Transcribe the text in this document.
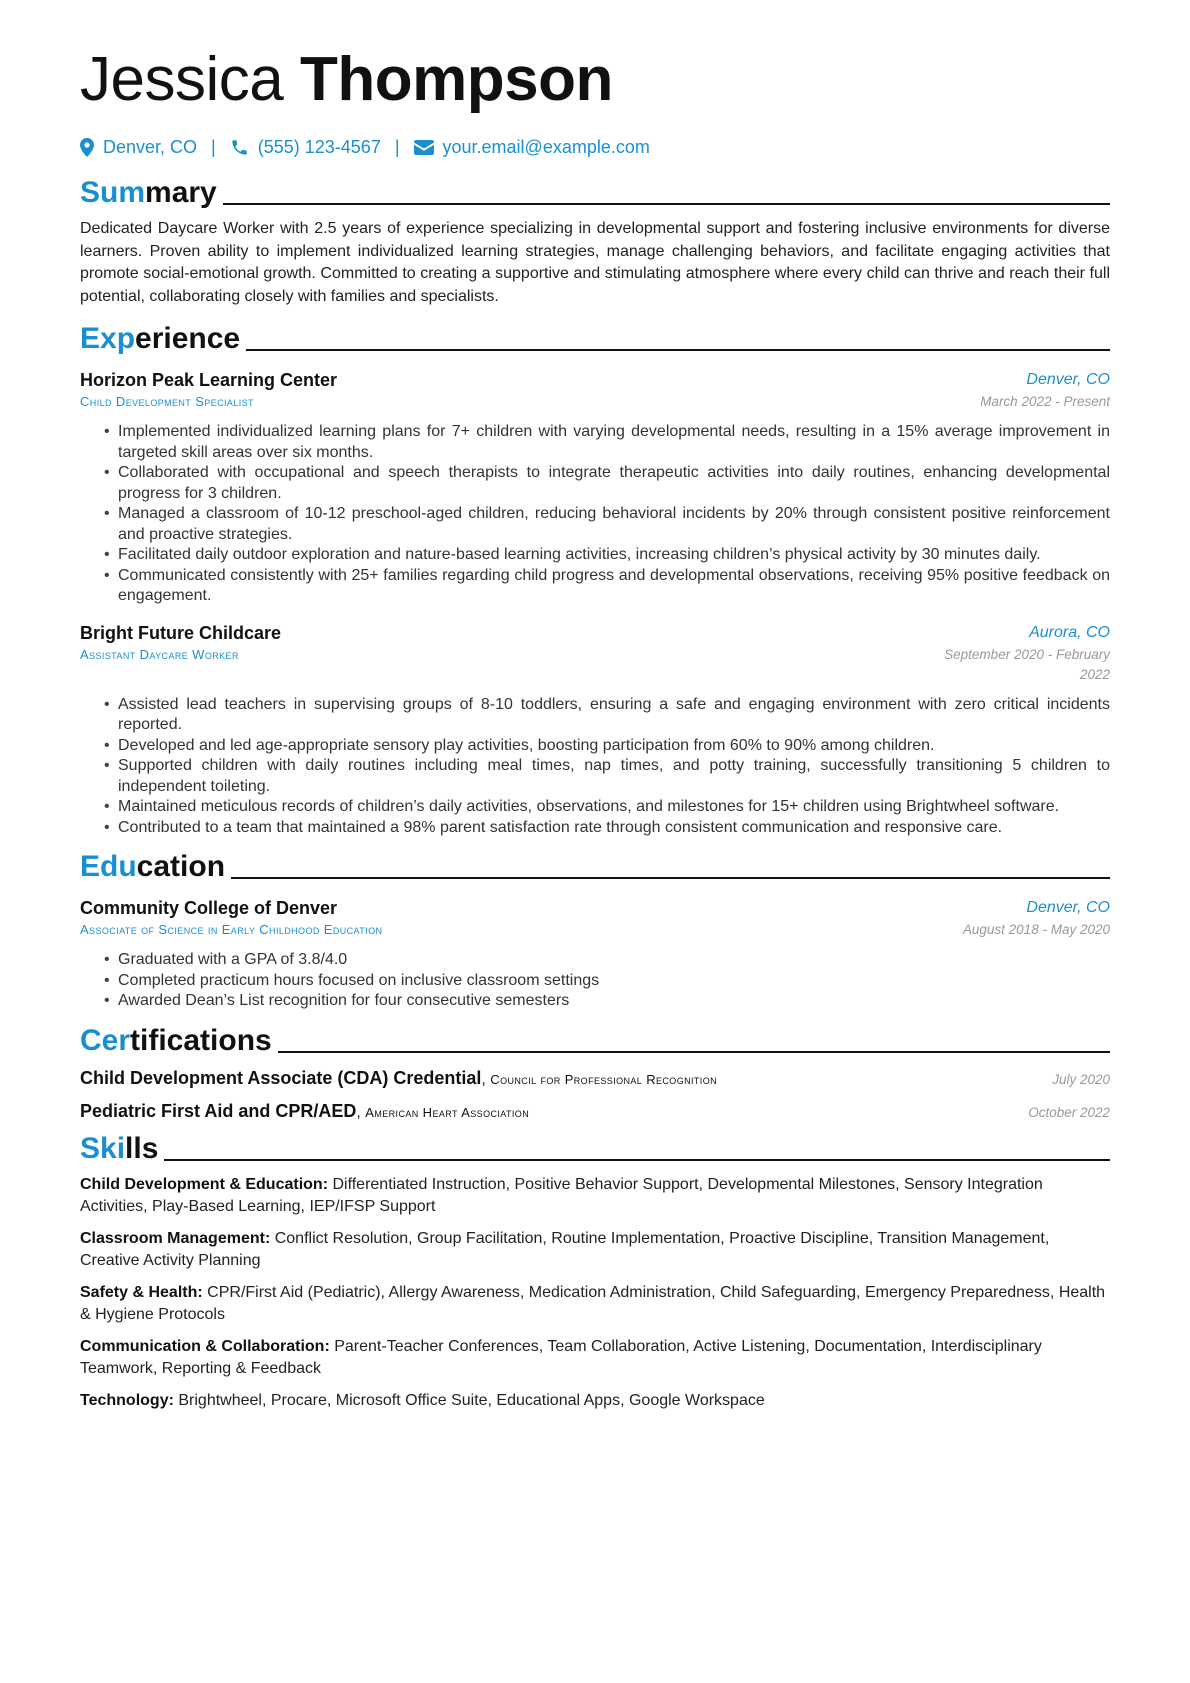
Jessica Thompson
Denver, CO | (555) 123-4567 | your.email@example.com
Summary

Dedicated Daycare Worker with 2.5 years of experience specializing in developmental support and fostering inclusive environments for diverse learners. Proven ability to implement individualized learning strategies, manage challenging behaviors, and facilitate engaging activities that promote social-emotional growth. Committed to creating a supportive and stimulating atmosphere where every child can thrive and reach their full potential, collaborating closely with families and specialists.

Experience
Horizon Peak Learning Center	Denver, CO
Child Development Specialist	March 2022 - Present
• Implemented individualized learning plans for 7+ children with varying developmental needs, resulting in a 15% average improvement in targeted skill areas over six months.
• Collaborated with occupational and speech therapists to integrate therapeutic activities into daily routines, enhancing developmental progress for 3 children.
• Managed a classroom of 10-12 preschool-aged children, reducing behavioral incidents by 20% through consistent positive reinforcement and proactive strategies.
• Facilitated daily outdoor exploration and nature-based learning activities, increasing children’s physical activity by 30 minutes daily.
• Communicated consistently with 25+ families regarding child progress and developmental observations, receiving 95% positive feedback on engagement.
Bright Future Childcare	Aurora, CO
Assistant Daycare Worker	September 2020 - February 2022
• Assisted lead teachers in supervising groups of 8-10 toddlers, ensuring a safe and engaging environment with zero critical incidents reported.
• Developed and led age-appropriate sensory play activities, boosting participation from 60% to 90% among children.
• Supported children with daily routines including meal times, nap times, and potty training, successfully transitioning 5 children to independent toileting.
• Maintained meticulous records of children’s daily activities, observations, and milestones for 15+ children using Brightwheel software.
• Contributed to a team that maintained a 98% parent satisfaction rate through consistent communication and responsive care.
Education
Community College of Denver	Denver, CO
Associate of Science in Early Childhood Education	August 2018 - May 2020
• Graduated with a GPA of 3.8/4.0
• Completed practicum hours focused on inclusive classroom settings
• Awarded Dean’s List recognition for four consecutive semesters
Certifications
Child Development Associate (CDA) Credential, Council for Professional Recognition	July 2020
Pediatric First Aid and CPR/AED, American Heart Association	October 2022
Skills
Child Development & Education: Differentiated Instruction, Positive Behavior Support, Developmental Milestones, Sensory Integration Activities, Play-Based Learning, IEP/IFSP Support
Classroom Management: Conflict Resolution, Group Facilitation, Routine Implementation, Proactive Discipline, Transition Management, Creative Activity Planning
Safety & Health: CPR/First Aid (Pediatric), Allergy Awareness, Medication Administration, Child Safeguarding, Emergency Preparedness, Health & Hygiene Protocols
Communication & Collaboration: Parent-Teacher Conferences, Team Collaboration, Active Listening, Documentation, Interdisciplinary Teamwork, Reporting & Feedback
Technology: Brightwheel, Procare, Microsoft Office Suite, Educational Apps, Google Workspace
